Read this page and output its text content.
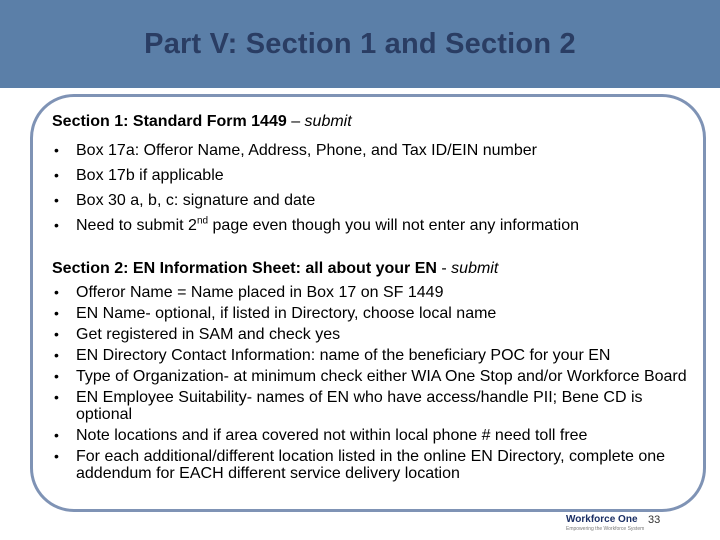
Part V: Section 1 and Section 2
Section 1: Standard Form 1449 – submit
• Box 17a: Offeror Name, Address, Phone, and Tax ID/EIN number
• Box 17b if applicable
• Box 30 a, b, c: signature and date
• Need to submit 2nd page even though you will not enter any information
Section 2: EN Information Sheet: all about your EN - submit
• Offeror Name = Name placed in Box 17 on SF 1449
• EN Name- optional, if listed in Directory, choose local name
• Get registered in SAM and check yes
• EN Directory Contact Information: name of the beneficiary POC for your EN
• Type of Organization- at minimum check either WIA One Stop and/or Workforce Board
• EN Employee Suitability- names of EN who have access/handle PII; Bene CD is optional
• Note locations and if area covered not within local phone # need toll free
• For each additional/different location listed in the online EN Directory, complete one addendum for EACH different service delivery location
Workforce One
Empowering the Workforce System
33
